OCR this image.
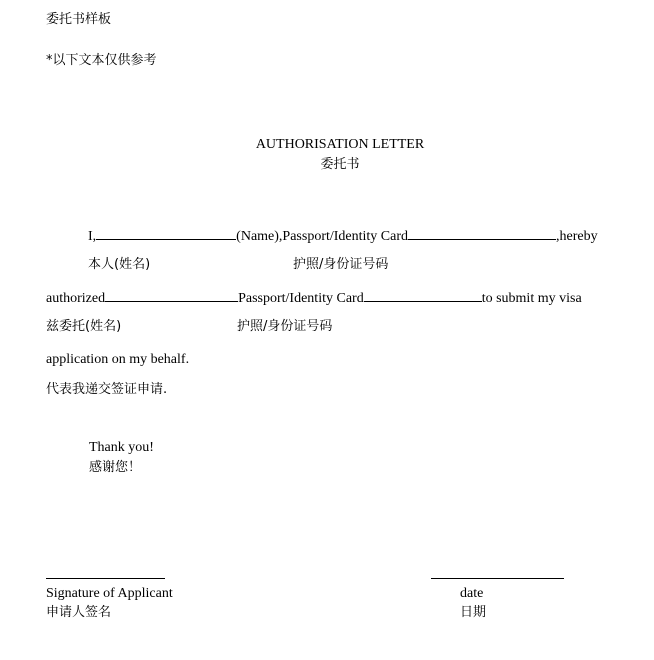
委托书样板
*以下文本仅供参考
AUTHORISATION LETTER
委托书
I,	(Name),Passport/Identity Card	,hereby
本人(姓名)	护照/身份证号码
authorized	Passport/Identity Card	to submit my visa
兹委托(姓名)	护照/身份证号码
application on my behalf.
代表我递交签证申请.
Thank you!
感谢您！
Signature of Applicant
申请人签名
date
日期
